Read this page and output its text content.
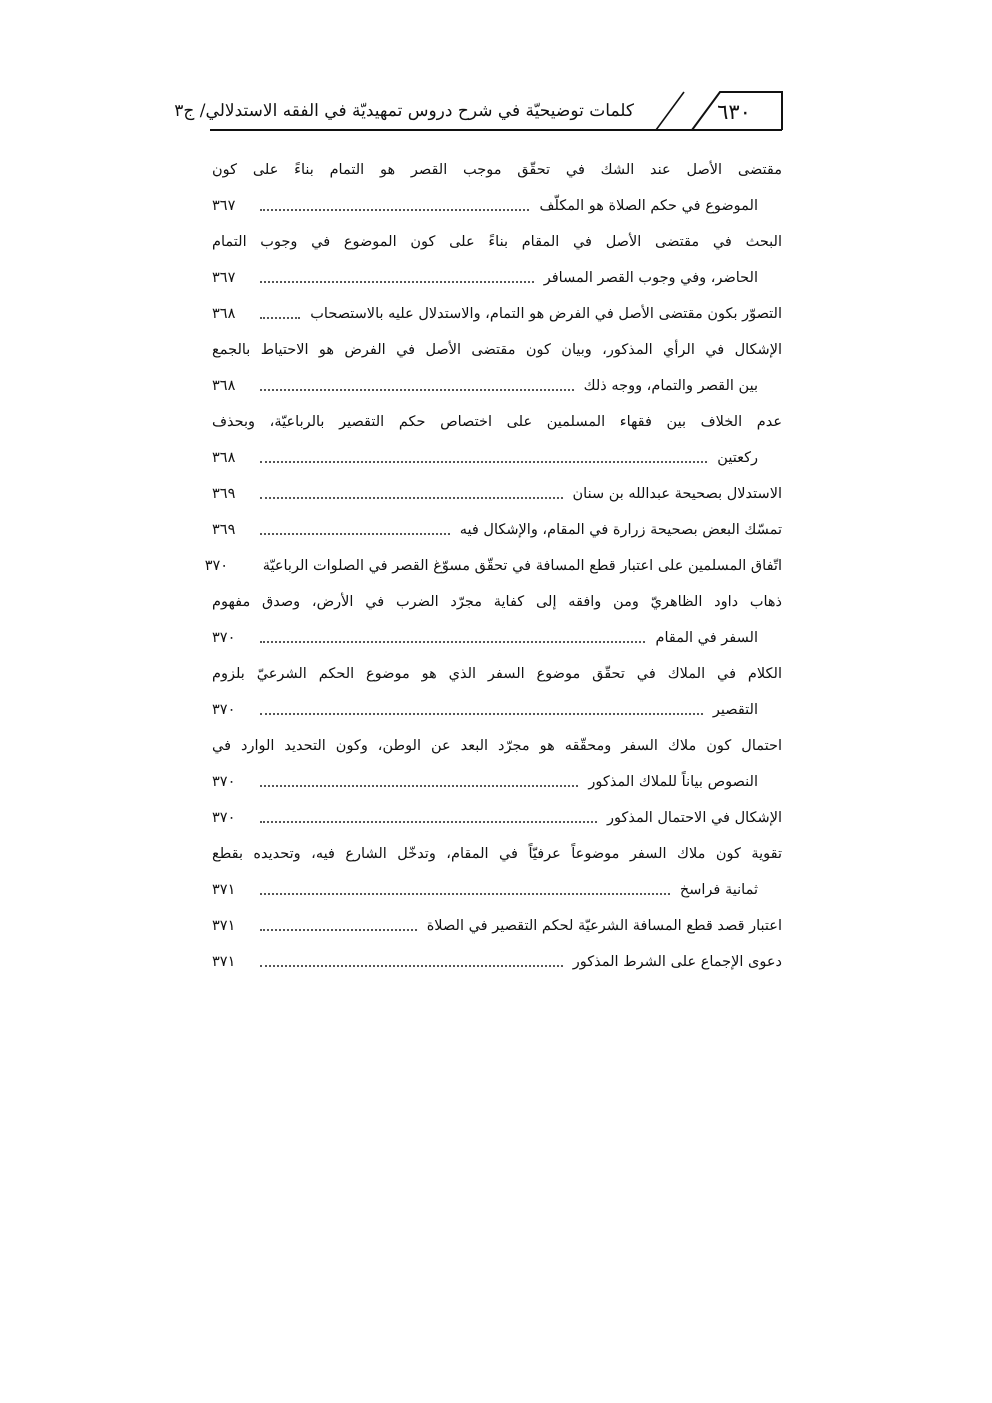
٦٣٠
كلمات توضيحيّة في شرح دروس تمهيديّة في الفقه الاستدلالي/ ج٣
مقتضى الأصل عند الشك في تحقّق موجب القصر هو التمام بناءً على كون
الموضوع في حكم الصلاة هو المكلّف
٣٦٧
البحث في مقتضى الأصل في المقام بناءً على كون الموضوع في وجوب التمام
الحاضر، وفي وجوب القصر المسافر
٣٦٧
التصوّر بكون مقتضى الأصل في الفرض هو التمام، والاستدلال عليه بالاستصحاب
٣٦٨
الإشكال في الرأي المذكور، وبيان كون مقتضى الأصل في الفرض هو الاحتياط بالجمع
بين القصر والتمام، ووجه ذلك
٣٦٨
عدم الخلاف بين فقهاء المسلمين على اختصاص حكم التقصير بالرباعيّة، وبحذف
ركعتين
٣٦٨
الاستدلال بصحيحة عبدالله بن سنان
٣٦٩
تمسّك البعض بصحيحة زرارة في المقام، والإشكال فيه
٣٦٩
اتّفاق المسلمين على اعتبار قطع المسافة في تحقّق مسوّغ القصر في الصلوات الرباعيّة
٣٧٠
ذهاب داود الظاهريّ ومن وافقه إلى كفاية مجرّد الضرب في الأرض، وصدق مفهوم
السفر في المقام
٣٧٠
الكلام في الملاك في تحقّق موضوع السفر الذي هو موضوع الحكم الشرعيّ بلزوم
التقصير
٣٧٠
احتمال كون ملاك السفر ومحقّقه هو مجرّد البعد عن الوطن، وكون التحديد الوارد في
النصوص بياناً للملاك المذكور
٣٧٠
الإشكال في الاحتمال المذكور
٣٧٠
تقوية كون ملاك السفر موضوعاً عرفيّاً في المقام، وتدخّل الشارع فيه، وتحديده بقطع
ثمانية فراسخ
٣٧١
اعتبار قصد قطع المسافة الشرعيّة لحكم التقصير في الصلاة
٣٧١
دعوى الإجماع على الشرط المذكور
٣٧١
